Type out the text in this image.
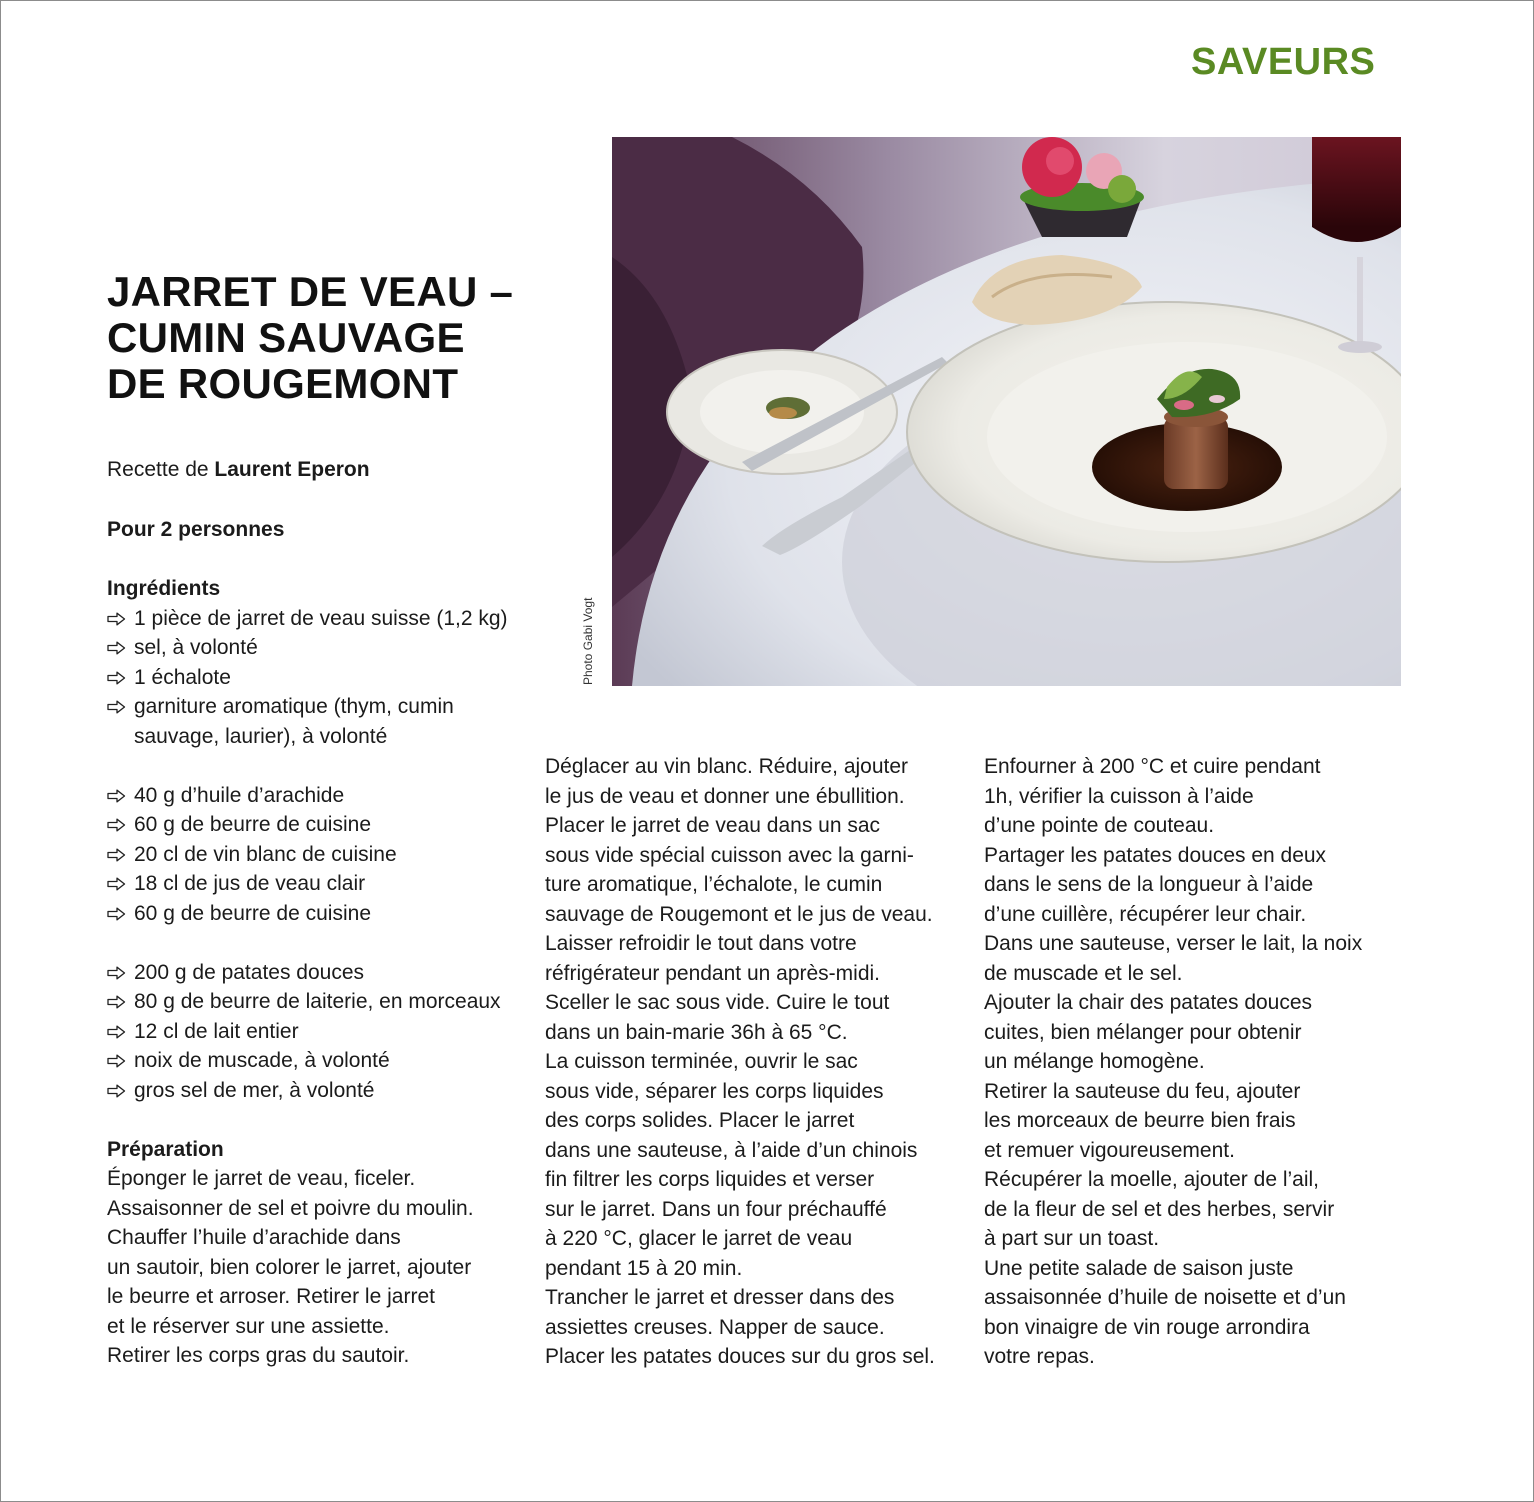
SAVEURS
JARRET DE VEAU –
CUMIN SAUVAGE
DE ROUGEMONT
Photo Gabi Vogt
Recette de Laurent Eperon
Pour 2 personnes
Ingrédients
1 pièce de jarret de veau suisse (1,2 kg)
sel, à volonté
1 échalote
garniture aromatique (thym, cumin
sauvage, laurier), à volonté
40 g d’huile d’arachide
60 g de beurre de cuisine
20 cl de vin blanc de cuisine
18 cl de jus de veau clair
60 g de beurre de cuisine
200 g de patates douces
80 g de beurre de laiterie, en morceaux
12 cl de lait entier
noix de muscade, à volonté
gros sel de mer, à volonté
Préparation
Éponger le jarret de veau, ficeler.
Assaisonner de sel et poivre du moulin.
Chauffer l’huile d’arachide dans
un sautoir, bien colorer le jarret, ajouter
le beurre et arroser. Retirer le jarret
et le réserver sur une assiette.
Retirer les corps gras du sautoir.
Déglacer au vin blanc. Réduire, ajouter
le jus de veau et donner une ébullition.
Placer le jarret de veau dans un sac
sous vide spécial cuisson avec la garni-
ture aromatique, l’échalote, le cumin
sauvage de Rougemont et le jus de veau.
Laisser refroidir le tout dans votre
réfrigérateur pendant un après-midi.
Sceller le sac sous vide. Cuire le tout
dans un bain-marie 36h à 65 °C.
La cuisson terminée, ouvrir le sac
sous vide, séparer les corps liquides
des corps solides. Placer le jarret
dans une sauteuse, à l’aide d’un chinois
fin filtrer les corps liquides et verser
sur le jarret. Dans un four préchauffé
à 220 °C, glacer le jarret de veau
pendant 15 à 20 min.
Trancher le jarret et dresser dans des
assiettes creuses. Napper de sauce.
Placer les patates douces sur du gros sel.
Enfourner à 200 °C et cuire pendant
1h, vérifier la cuisson à l’aide
d’une pointe de couteau.
Partager les patates douces en deux
dans le sens de la longueur à l’aide
d’une cuillère, récupérer leur chair.
Dans une sauteuse, verser le lait, la noix
de muscade et le sel.
Ajouter la chair des patates douces
cuites, bien mélanger pour obtenir
un mélange homogène.
Retirer la sauteuse du feu, ajouter
les morceaux de beurre bien frais
et remuer vigoureusement.
Récupérer la moelle, ajouter de l’ail,
de la fleur de sel et des herbes, servir
à part sur un toast.
Une petite salade de saison juste
assaisonnée d’huile de noisette et d’un
bon vinaigre de vin rouge arrondira
votre repas.
